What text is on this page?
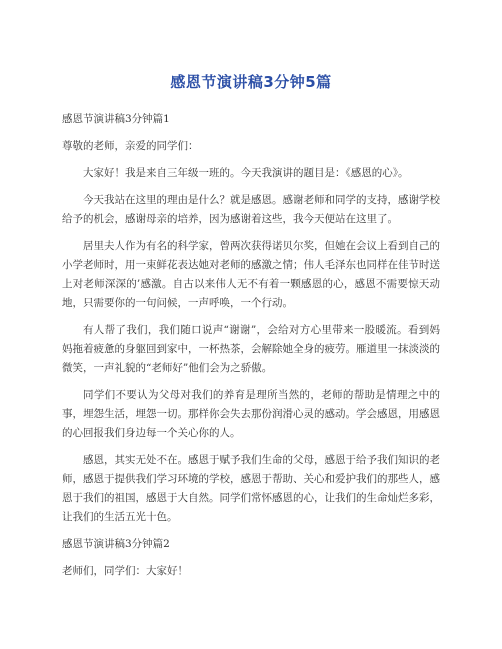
感恩节演讲稿3分钟5篇

感恩节演讲稿3分钟篇1

尊敬的老师，亲爱的同学们：

大家好！我是来自三年级一班的。今天我演讲的题目是：《感恩的心》。

今天我站在这里的理由是什么？就是感恩。感谢老师和同学的支持，感谢学校给予的机会，感谢母亲的培养，因为感谢着这些，我今天便站在这里了。

居里夫人作为有名的科学家，曾两次获得诺贝尔奖，但她在会议上看到自己的小学老师时，用一束鲜花表达她对老师的感激之情；伟人毛泽东也同样在佳节时送上对老师深深的’感激。自古以来伟人无不有着一颗感恩的心，感恩不需要惊天动地，只需要你的一句问候，一声呼唤，一个行动。

有人帮了我们，我们随口说声“谢谢”，会给对方心里带来一股暖流。看到妈妈拖着疲惫的身躯回到家中，一杯热茶，会解除她全身的疲劳。雁道里一抹淡淡的微笑，一声礼貌的“老师好”他们会为之骄傲。

同学们不要认为父母对我们的养育是理所当然的，老师的帮助是情理之中的事，埋怨生活，埋怨一切。那样你会失去那份润滑心灵的感动。学会感恩，用感恩的心回报我们身边每一个关心你的人。

感恩，其实无处不在。感恩于赋予我们生命的父母，感恩于给予我们知识的老师，感恩于提供我们学习环境的学校，感恩于帮助、关心和爱护我们的那些人，感恩于我们的祖国，感恩于大自然。同学们常怀感恩的心，让我们的生命灿烂多彩，让我们的生活五光十色。

感恩节演讲稿3分钟篇2

老师们，同学们：大家好！
